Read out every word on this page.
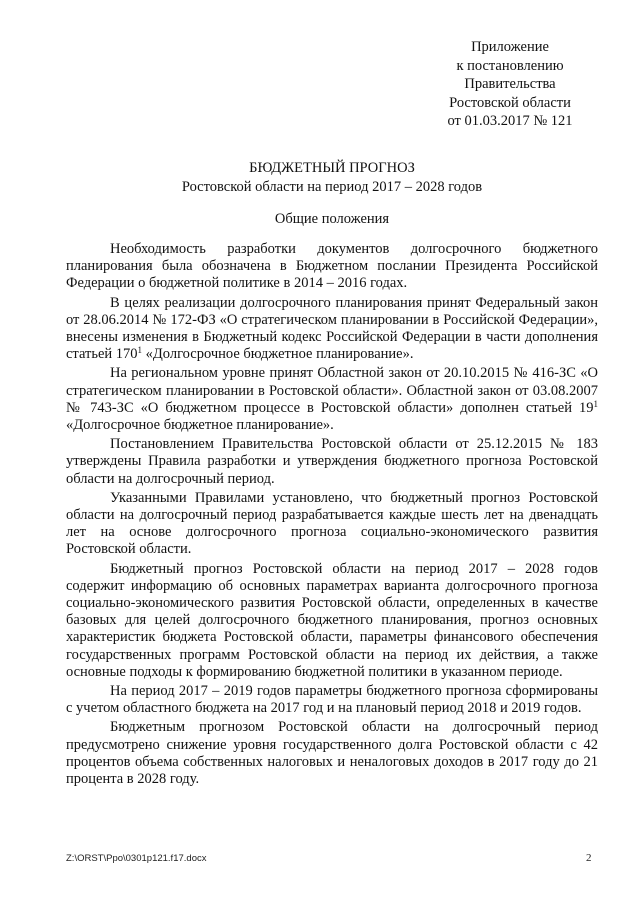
Приложение
к постановлению
Правительства
Ростовской области
от 01.03.2017 № 121
БЮДЖЕТНЫЙ ПРОГНОЗ
Ростовской области на период 2017 – 2028 годов
Общие положения

Необходимость разработки документов долгосрочного бюджетного планирования была обозначена в Бюджетном послании Президента Российской Федерации о бюджетной политике в 2014 – 2016 годах.

В целях реализации долгосрочного планирования принят Федеральный закон от 28.06.2014 № 172-ФЗ «О стратегическом планировании в Российской Федерации», внесены изменения в Бюджетный кодекс Российской Федерации в части дополнения статьей $170^1$ «Долгосрочное бюджетное планирование».

На региональном уровне принят Областной закон от 20.10.2015 № 416-ЗС «О стратегическом планировании в Ростовской области». Областной закон от 03.08.2007 № 743-ЗС «О бюджетном процессе в Ростовской области» дополнен статьей $19^1$ «Долгосрочное бюджетное планирование».

Постановлением Правительства Ростовской области от 25.12.2015 № 183 утверждены Правила разработки и утверждения бюджетного прогноза Ростовской области на долгосрочный период.

Указанными Правилами установлено, что бюджетный прогноз Ростовской области на долгосрочный период разрабатывается каждые шесть лет на двенадцать лет на основе долгосрочного прогноза социально-экономического развития Ростовской области.

Бюджетный прогноз Ростовской области на период 2017 – 2028 годов содержит информацию об основных параметрах варианта долгосрочного прогноза социально-экономического развития Ростовской области, определенных в качестве базовых для целей долгосрочного бюджетного планирования, прогноз основных характеристик бюджета Ростовской области, параметры финансового обеспечения государственных программ Ростовской области на период их действия, а также основные подходы к формированию бюджетной политики в указанном периоде.

На период 2017 – 2019 годов параметры бюджетного прогноза сформированы с учетом областного бюджета на 2017 год и на плановый период 2018 и 2019 годов.

Бюджетным прогнозом Ростовской области на долгосрочный период предусмотрено снижение уровня государственного долга Ростовской области с 42 процентов объема собственных налоговых и неналоговых доходов в 2017 году до 21 процента в 2028 году.

Z:\ORST\Ppo\0301p121.f17.docx	2
